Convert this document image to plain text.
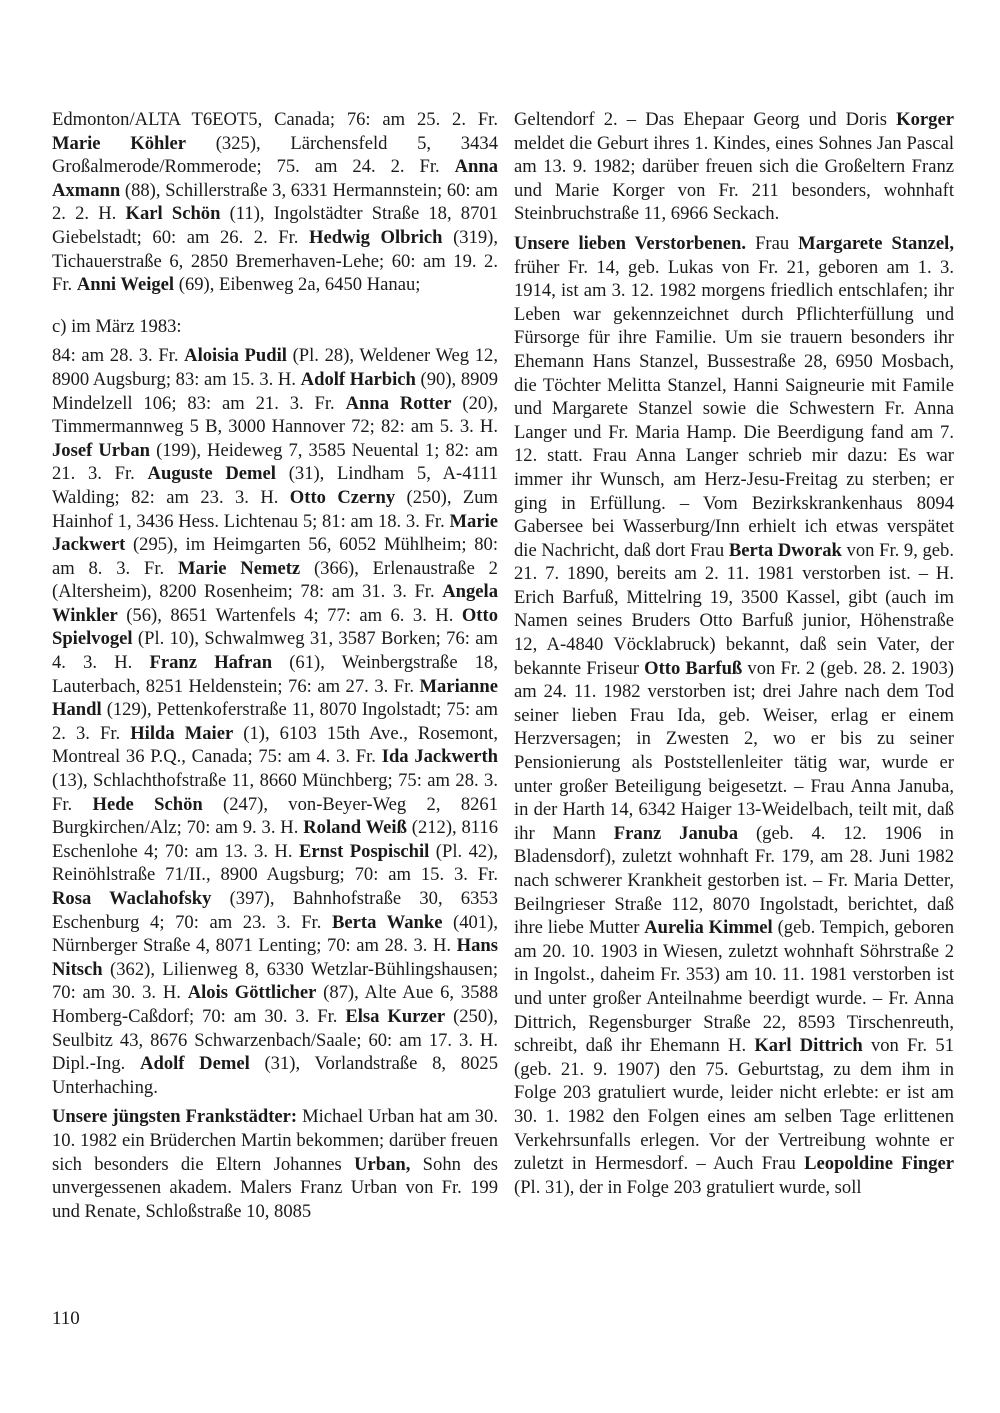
Edmonton/ALTA T6EOT5, Canada; 76: am 25. 2. Fr. Marie Köhler (325), Lärchensfeld 5, 3434 Großalmerode/Rommerode; 75. am 24. 2. Fr. Anna Axmann (88), Schillerstraße 3, 6331 Hermannstein; 60: am 2. 2. H. Karl Schön (11), Ingolstädter Straße 18, 8701 Giebelstadt; 60: am 26. 2. Fr. Hedwig Olbrich (319), Tichauerstraße 6, 2850 Bremerhaven-Lehe; 60: am 19. 2. Fr. Anni Weigel (69), Eibenweg 2a, 6450 Hanau;

c) im März 1983:

84: am 28. 3. Fr. Aloisia Pudil (Pl. 28), Weldener Weg 12, 8900 Augsburg; 83: am 15. 3. H. Adolf Harbich (90), 8909 Mindelzell 106; 83: am 21. 3. Fr. Anna Rotter (20), Timmermannweg 5 B, 3000 Hannover 72; 82: am 5. 3. H. Josef Urban (199), Heideweg 7, 3585 Neuental 1; 82: am 21. 3. Fr. Auguste Demel (31), Lindham 5, A-4111 Walding; 82: am 23. 3. H. Otto Czerny (250), Zum Hainhof 1, 3436 Hess. Lichtenau 5; 81: am 18. 3. Fr. Marie Jackwert (295), im Heimgarten 56, 6052 Mühlheim; 80: am 8. 3. Fr. Marie Nemetz (366), Erlenaustraße 2 (Altersheim), 8200 Rosenheim; 78: am 31. 3. Fr. Angela Winkler (56), 8651 Wartenfels 4; 77: am 6. 3. H. Otto Spielvogel (Pl. 10), Schwalmweg 31, 3587 Borken; 76: am 4. 3. H. Franz Hafran (61), Weinbergstraße 18, Lauterbach, 8251 Heldenstein; 76: am 27. 3. Fr. Marianne Handl (129), Pettenkoferstraße 11, 8070 Ingolstadt; 75: am 2. 3. Fr. Hilda Maier (1), 6103 15th Ave., Rosemont, Montreal 36 P.Q., Canada; 75: am 4. 3. Fr. Ida Jackwerth (13), Schlachthofstraße 11, 8660 Münchberg; 75: am 28. 3. Fr. Hede Schön (247), von-Beyer-Weg 2, 8261 Burgkirchen/Alz; 70: am 9. 3. H. Roland Weiß (212), 8116 Eschenlohe 4; 70: am 13. 3. H. Ernst Pospischil (Pl. 42), Reinöhlstraße 71/II., 8900 Augsburg; 70: am 15. 3. Fr. Rosa Waclahofsky (397), Bahnhofstraße 30, 6353 Eschenburg 4; 70: am 23. 3. Fr. Berta Wanke (401), Nürnberger Straße 4, 8071 Lenting; 70: am 28. 3. H. Hans Nitsch (362), Lilienweg 8, 6330 Wetzlar-Bühlingshausen; 70: am 30. 3. H. Alois Göttlicher (87), Alte Aue 6, 3588 Homberg-Caßdorf; 70: am 30. 3. Fr. Elsa Kurzer (250), Seulbitz 43, 8676 Schwarzenbach/Saale; 60: am 17. 3. H. Dipl.-Ing. Adolf Demel (31), Vorlandstraße 8, 8025 Unterhaching.

Unsere jüngsten Frankstädter: Michael Urban hat am 30. 10. 1982 ein Brüderchen Martin bekommen; darüber freuen sich besonders die Eltern Johannes Urban, Sohn des unvergessenen akadem. Malers Franz Urban von Fr. 199 und Renate, Schloßstraße 10, 8085

Geltendorf 2. – Das Ehepaar Georg und Doris Korger meldet die Geburt ihres 1. Kindes, eines Sohnes Jan Pascal am 13. 9. 1982; darüber freuen sich die Großeltern Franz und Marie Korger von Fr. 211 besonders, wohnhaft Steinbruchstraße 11, 6966 Seckach.

Unsere lieben Verstorbenen. Frau Margarete Stanzel, früher Fr. 14, geb. Lukas von Fr. 21, geboren am 1. 3. 1914, ist am 3. 12. 1982 morgens friedlich entschlafen; ihr Leben war gekennzeichnet durch Pflichterfüllung und Fürsorge für ihre Familie. Um sie trauern besonders ihr Ehemann Hans Stanzel, Bussestraße 28, 6950 Mosbach, die Töchter Melitta Stanzel, Hanni Saigneurie mit Famile und Margarete Stanzel sowie die Schwestern Fr. Anna Langer und Fr. Maria Hamp. Die Beerdigung fand am 7. 12. statt. Frau Anna Langer schrieb mir dazu: Es war immer ihr Wunsch, am Herz-Jesu-Freitag zu sterben; er ging in Erfüllung. – Vom Bezirkskrankenhaus 8094 Gabersee bei Wasserburg/Inn erhielt ich etwas verspätet die Nachricht, daß dort Frau Berta Dworak von Fr. 9, geb. 21. 7. 1890, bereits am 2. 11. 1981 verstorben ist. – H. Erich Barfuß, Mittelring 19, 3500 Kassel, gibt (auch im Namen seines Bruders Otto Barfuß junior, Höhenstraße 12, A-4840 Vöcklabruck) bekannt, daß sein Vater, der bekannte Friseur Otto Barfuß von Fr. 2 (geb. 28. 2. 1903) am 24. 11. 1982 verstorben ist; drei Jahre nach dem Tod seiner lieben Frau Ida, geb. Weiser, erlag er einem Herzversagen; in Zwesten 2, wo er bis zu seiner Pensionierung als Poststellenleiter tätig war, wurde er unter großer Beteiligung beigesetzt. – Frau Anna Januba, in der Harth 14, 6342 Haiger 13-Weidelbach, teilt mit, daß ihr Mann Franz Januba (geb. 4. 12. 1906 in Bladensdorf), zuletzt wohnhaft Fr. 179, am 28. Juni 1982 nach schwerer Krankheit gestorben ist. – Fr. Maria Detter, Beilngrieser Straße 112, 8070 Ingolstadt, berichtet, daß ihre liebe Mutter Aurelia Kimmel (geb. Tempich, geboren am 20. 10. 1903 in Wiesen, zuletzt wohnhaft Söhrstraße 2 in Ingolst., daheim Fr. 353) am 10. 11. 1981 verstorben ist und unter großer Anteilnahme beerdigt wurde. – Fr. Anna Dittrich, Regensburger Straße 22, 8593 Tirschenreuth, schreibt, daß ihr Ehemann H. Karl Dittrich von Fr. 51 (geb. 21. 9. 1907) den 75. Geburtstag, zu dem ihm in Folge 203 gratuliert wurde, leider nicht erlebte: er ist am 30. 1. 1982 den Folgen eines am selben Tage erlittenen Verkehrsunfalls erlegen. Vor der Vertreibung wohnte er zuletzt in Hermesdorf. – Auch Frau Leopoldine Finger (Pl. 31), der in Folge 203 gratuliert wurde, soll

110
